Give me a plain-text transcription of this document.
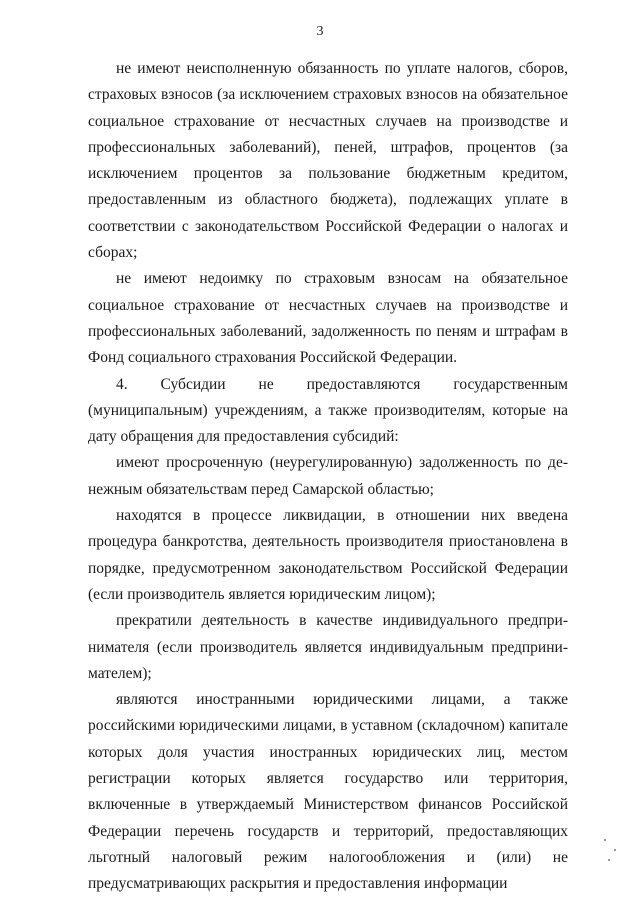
3

не имеют неисполненную обязанность по уплате налогов, сборов, страховых взносов (за исключением страховых взносов на обязательное социальное страхование от несчастных случаев на производстве и профессиональных заболеваний), пеней, штрафов, процентов (за исключением процентов за пользование бюджетным кредитом, предоставленным из областного бюджета), подлежащих уплате в соответствии с законодательством Российской Федерации о налогах и сборах;

не имеют недоимку по страховым взносам на обязательное социальное страхование от несчастных случаев на производстве и профессиональных заболеваний, задолженность по пеням и штрафам в Фонд социального страхования Российской Федерации.

4. Субсидии не предоставляются государственным (муниципальным) учреждениям, а также производителям, которые на дату обращения для предоставления субсидий:

имеют просроченную (неурегулированную) задолженность по денежным обязательствам перед Самарской областью;

находятся в процессе ликвидации, в отношении них введена процедура банкротства, деятельность производителя приостановлена в порядке, предусмотренном законодательством Российской Федерации (если производитель является юридическим лицом);

прекратили деятельность в качестве индивидуального предпринимателя (если производитель является индивидуальным предпринимателем);

являются иностранными юридическими лицами, а также российскими юридическими лицами, в уставном (складочном) капитале которых доля участия иностранных юридических лиц, местом регистрации которых является государство или территория, включенные в утверждаемый Министерством финансов Российской Федерации перечень государств и территорий, предоставляющих льготный налоговый режим налогообложения и (или) не предусматривающих раскрытия и предоставления информации
